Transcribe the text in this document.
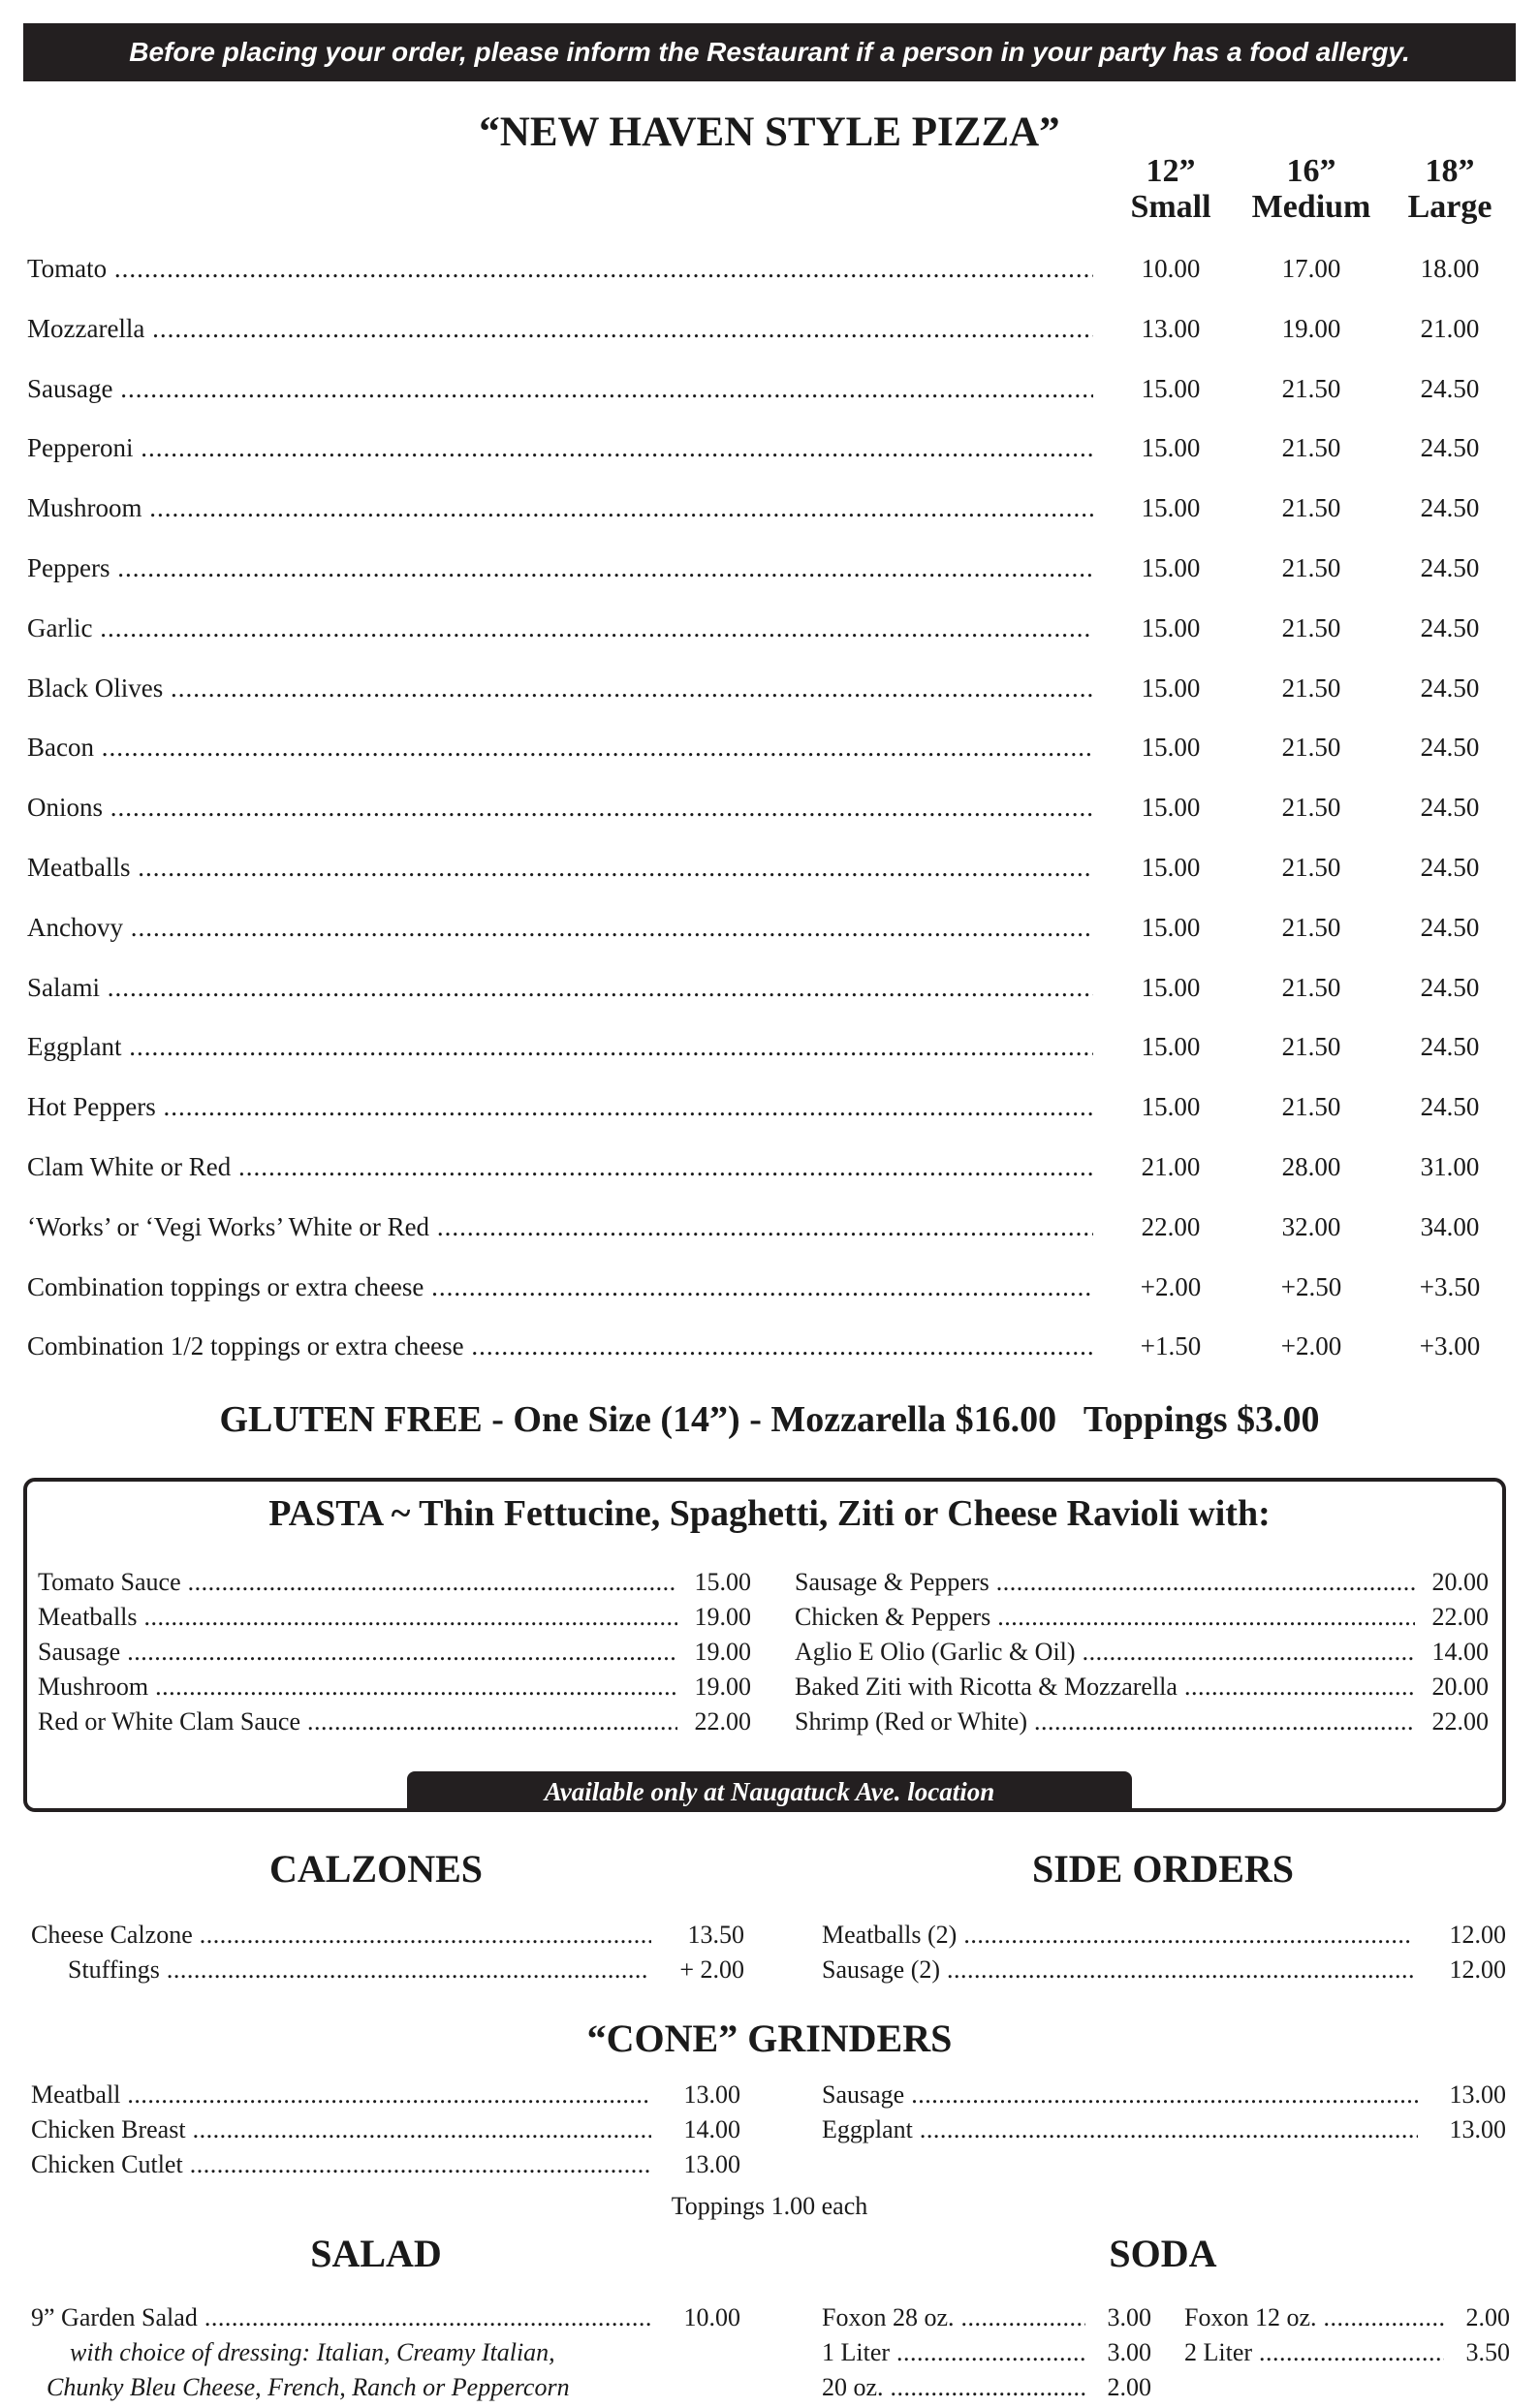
Before placing your order, please inform the Restaurant if a person in your party has a food allergy.
“NEW HAVEN STYLE PIZZA”
12”
Small
16”
Medium
18”
Large
Tomato .....	10.00	17.00	18.00
Mozzarella .....	13.00	19.00	21.00
Sausage .....	15.00	21.50	24.50
Pepperoni .....	15.00	21.50	24.50
Mushroom .....	15.00	21.50	24.50
Peppers .....	15.00	21.50	24.50
Garlic .....	15.00	21.50	24.50
Black Olives .....	15.00	21.50	24.50
Bacon .....	15.00	21.50	24.50
Onions .....	15.00	21.50	24.50
Meatballs .....	15.00	21.50	24.50
Anchovy .....	15.00	21.50	24.50
Salami .....	15.00	21.50	24.50
Eggplant .....	15.00	21.50	24.50
Hot Peppers .....	15.00	21.50	24.50
Clam White or Red .....	21.00	28.00	31.00
‘Works’ or ‘Vegi Works’ White or Red .....	22.00	32.00	34.00
Combination toppings or extra cheese .....	+2.00	+2.50	+3.50
Combination 1/2 toppings or extra cheese .....	+1.50	+2.00	+3.00
GLUTEN FREE - One Size (14”) - Mozzarella $16.00   Toppings $3.00
PASTA ~ Thin Fettucine, Spaghetti, Ziti or Cheese Ravioli with:
Tomato Sauce .....	15.00
Meatballs .....	19.00
Sausage .....	19.00
Mushroom .....	19.00
Red or White Clam Sauce .....	22.00
Sausage & Peppers .....	20.00
Chicken & Peppers .....	22.00
Aglio E Olio (Garlic & Oil) .....	14.00
Baked Ziti with Ricotta & Mozzarella .....	20.00
Shrimp (Red or White) .....	22.00
Available only at Naugatuck Ave. location
CALZONES	SIDE ORDERS
Cheese Calzone .....	13.50
Stuffings .....	+ 2.00
Meatballs (2) .....	12.00
Sausage (2) .....	12.00
“CONE” GRINDERS
Meatball .....	13.00
Chicken Breast .....	14.00
Chicken Cutlet .....	13.00
Sausage .....	13.00
Eggplant .....	13.00
Toppings 1.00 each
SALAD	SODA
9” Garden Salad .....	10.00
with choice of dressing: Italian, Creamy Italian,
Chunky Bleu Cheese, French, Ranch or Peppercorn
Foxon 28 oz. .....	3.00
1 Liter .....	3.00
20 oz. .....	2.00
Foxon 12 oz. .....	2.00
2 Liter .....	3.50
